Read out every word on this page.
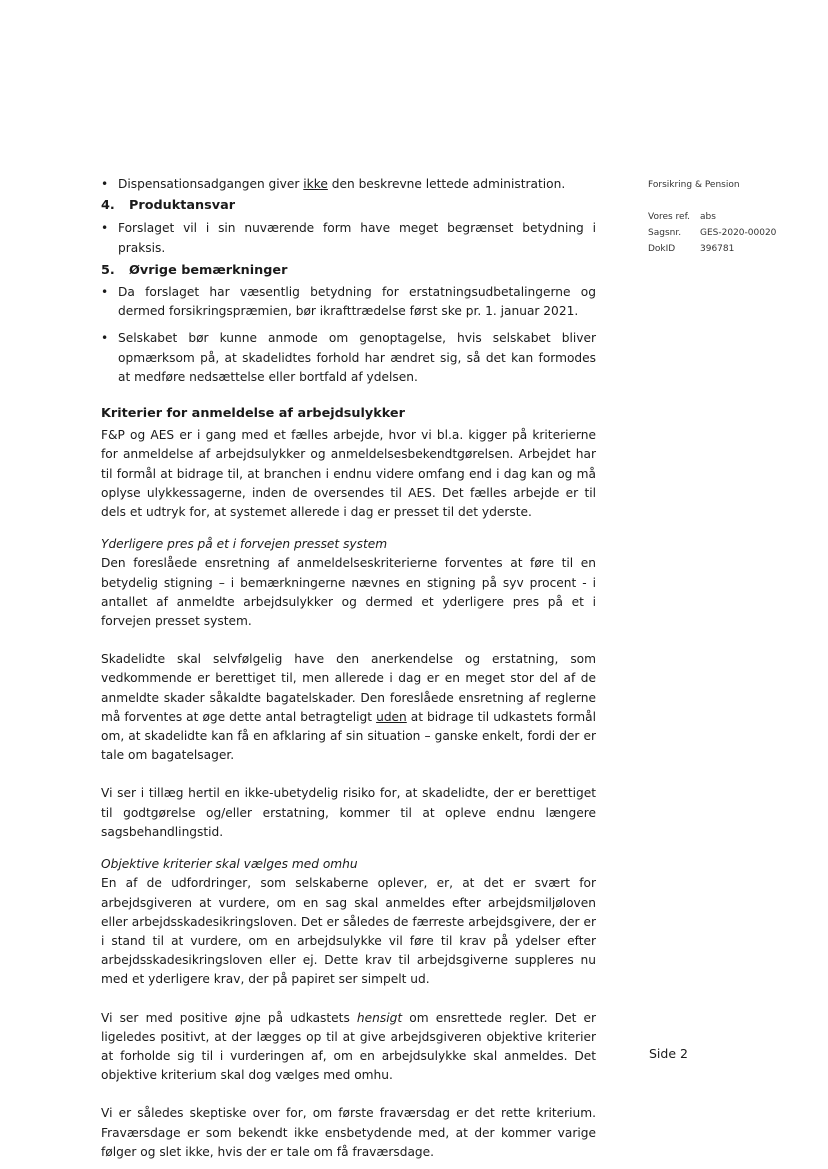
• Dispensationsadgangen giver ikke den beskrevne lettede administration.

4. Produktansvar

• Forslaget vil i sin nuværende form have meget begrænset betydning i praksis.

5. Øvrige bemærkninger

• Da forslaget har væsentlig betydning for erstatningsudbetalingerne og dermed forsikringspræmien, bør ikrafttrædelse først ske pr. 1. januar 2021.

• Selskabet bør kunne anmode om genoptagelse, hvis selskabet bliver opmærksom på, at skadelidtes forhold har ændret sig, så det kan formodes at medføre nedsættelse eller bortfald af ydelsen.

Kriterier for anmeldelse af arbejdsulykker

F&P og AES er i gang med et fælles arbejde, hvor vi bl.a. kigger på kriterierne for anmeldelse af arbejdsulykker og anmeldelsesbekendtgørelsen. Arbejdet har til formål at bidrage til, at branchen i endnu videre omfang end i dag kan og må oplyse ulykkessagerne, inden de oversendes til AES. Det fælles arbejde er til dels et udtryk for, at systemet allerede i dag er presset til det yderste.

Yderligere pres på et i forvejen presset system

Den foreslåede ensretning af anmeldelseskriterierne forventes at føre til en betydelig stigning – i bemærkningerne nævnes en stigning på syv procent - i antallet af anmeldte arbejdsulykker og dermed et yderligere pres på et i forvejen presset system.

Skadelidte skal selvfølgelig have den anerkendelse og erstatning, som vedkommende er berettiget til, men allerede i dag er en meget stor del af de anmeldte skader såkaldte bagatelskader. Den foreslåede ensretning af reglerne må forventes at øge dette antal betragteligt uden at bidrage til udkastets formål om, at skadelidte kan få en afklaring af sin situation – ganske enkelt, fordi der er tale om bagatelsager.

Vi ser i tillæg hertil en ikke-ubetydelig risiko for, at skadelidte, der er berettiget til godtgørelse og/eller erstatning, kommer til at opleve endnu længere sagsbehandlingstid.

Objektive kriterier skal vælges med omhu

En af de udfordringer, som selskaberne oplever, er, at det er svært for arbejdsgiveren at vurdere, om en sag skal anmeldes efter arbejdsmiljøloven eller arbejdsskadesikringsloven. Det er således de færreste arbejdsgivere, der er i stand til at vurdere, om en arbejdsulykke vil føre til krav på ydelser efter arbejdsskadesikringsloven eller ej. Dette krav til arbejdsgiverne suppleres nu med et yderligere krav, der på papiret ser simpelt ud.

Vi ser med positive øjne på udkastets hensigt om ensrettede regler. Det er ligeledes positivt, at der lægges op til at give arbejdsgiveren objektive kriterier at forholde sig til i vurderingen af, om en arbejdsulykke skal anmeldes. Det objektive kriterium skal dog vælges med omhu.

Vi er således skeptiske over for, om første fraværsdag er det rette kriterium. Fraværsdage er som bekendt ikke ensbetydende med, at der kommer varige følger og slet ikke, hvis der er tale om få fraværsdage.

Forsikring & Pension
Vores ref.	abs
Sagsnr.	GES-2020-00020
DokID	396781
Side 2
